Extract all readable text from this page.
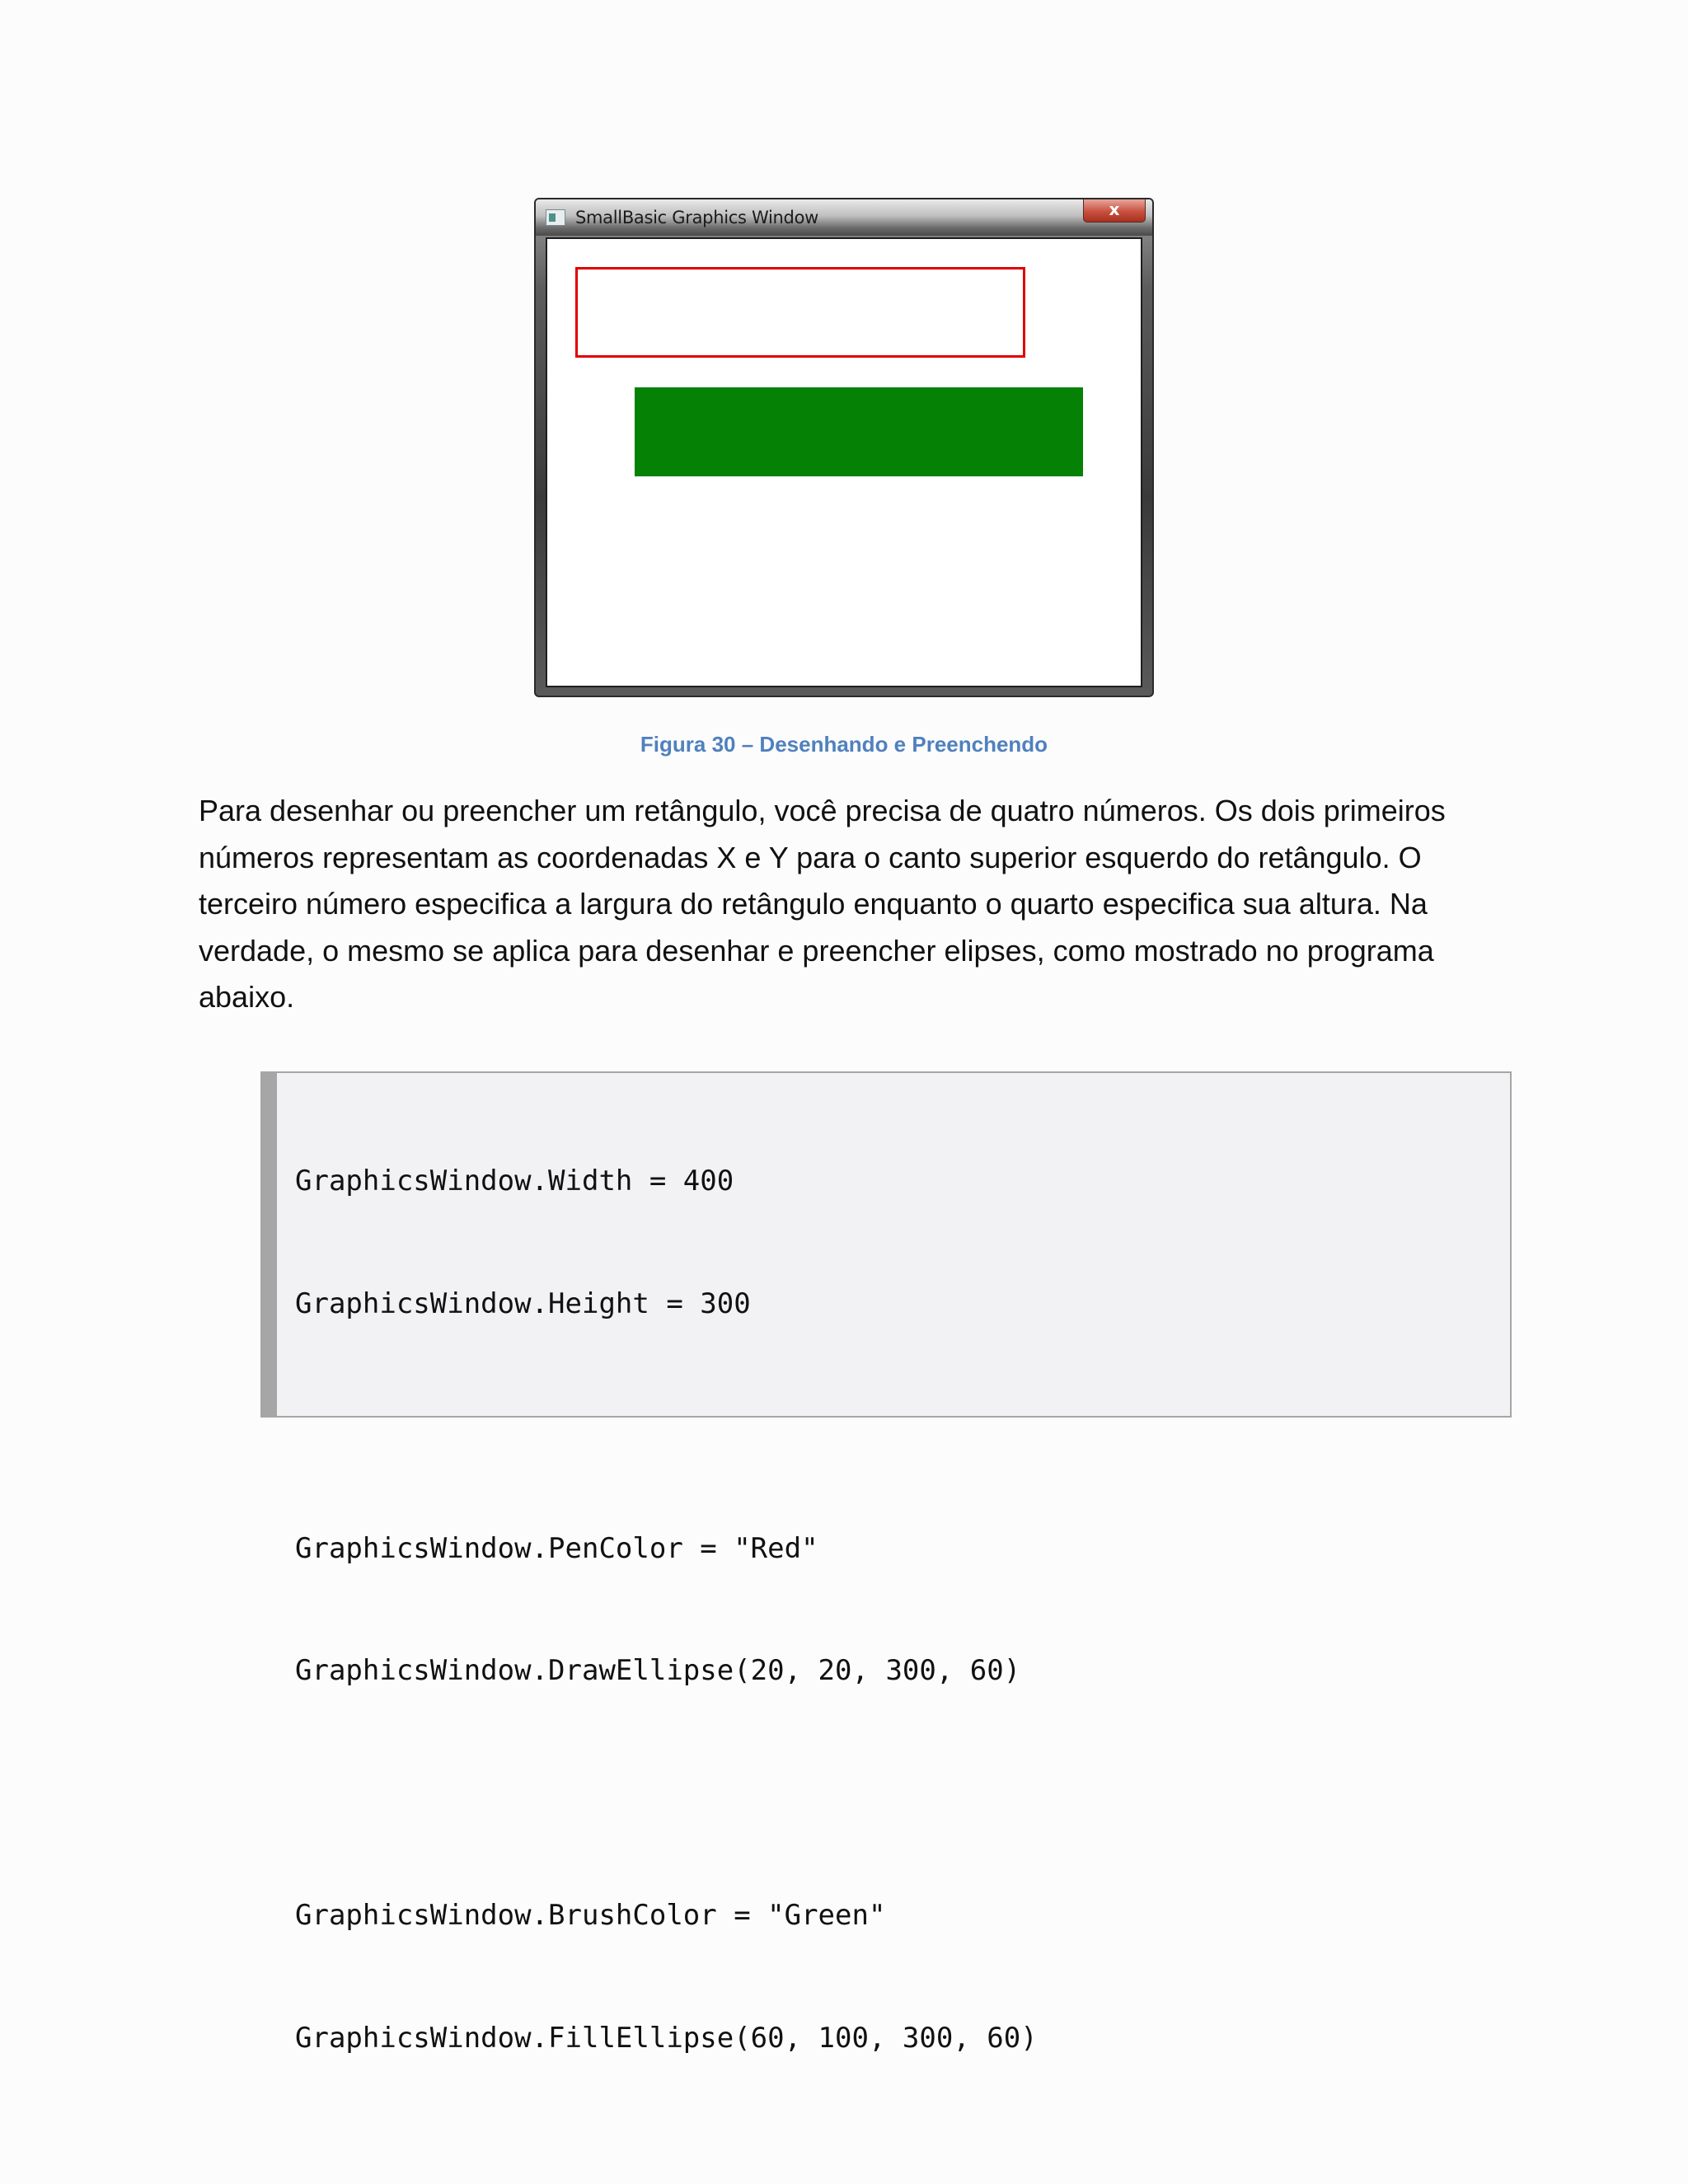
SmallBasic Graphics Window	x
Figura 30 – Desenhando e Preenchendo
Para desenhar ou preencher um retângulo, você precisa de quatro números. Os dois primeiros
números representam as coordenadas X e Y para o canto superior esquerdo do retângulo. O
terceiro número especifica a largura do retângulo enquanto o quarto especifica sua altura. Na
verdade, o mesmo se aplica para desenhar e preencher elipses, como mostrado no programa
abaixo.

GraphicsWindow.Width = 400

GraphicsWindow.Height = 300

GraphicsWindow.PenColor = "Red"

GraphicsWindow.DrawEllipse(20, 20, 300, 60)

GraphicsWindow.BrushColor = "Green"

GraphicsWindow.FillEllipse(60, 100, 300, 60)
